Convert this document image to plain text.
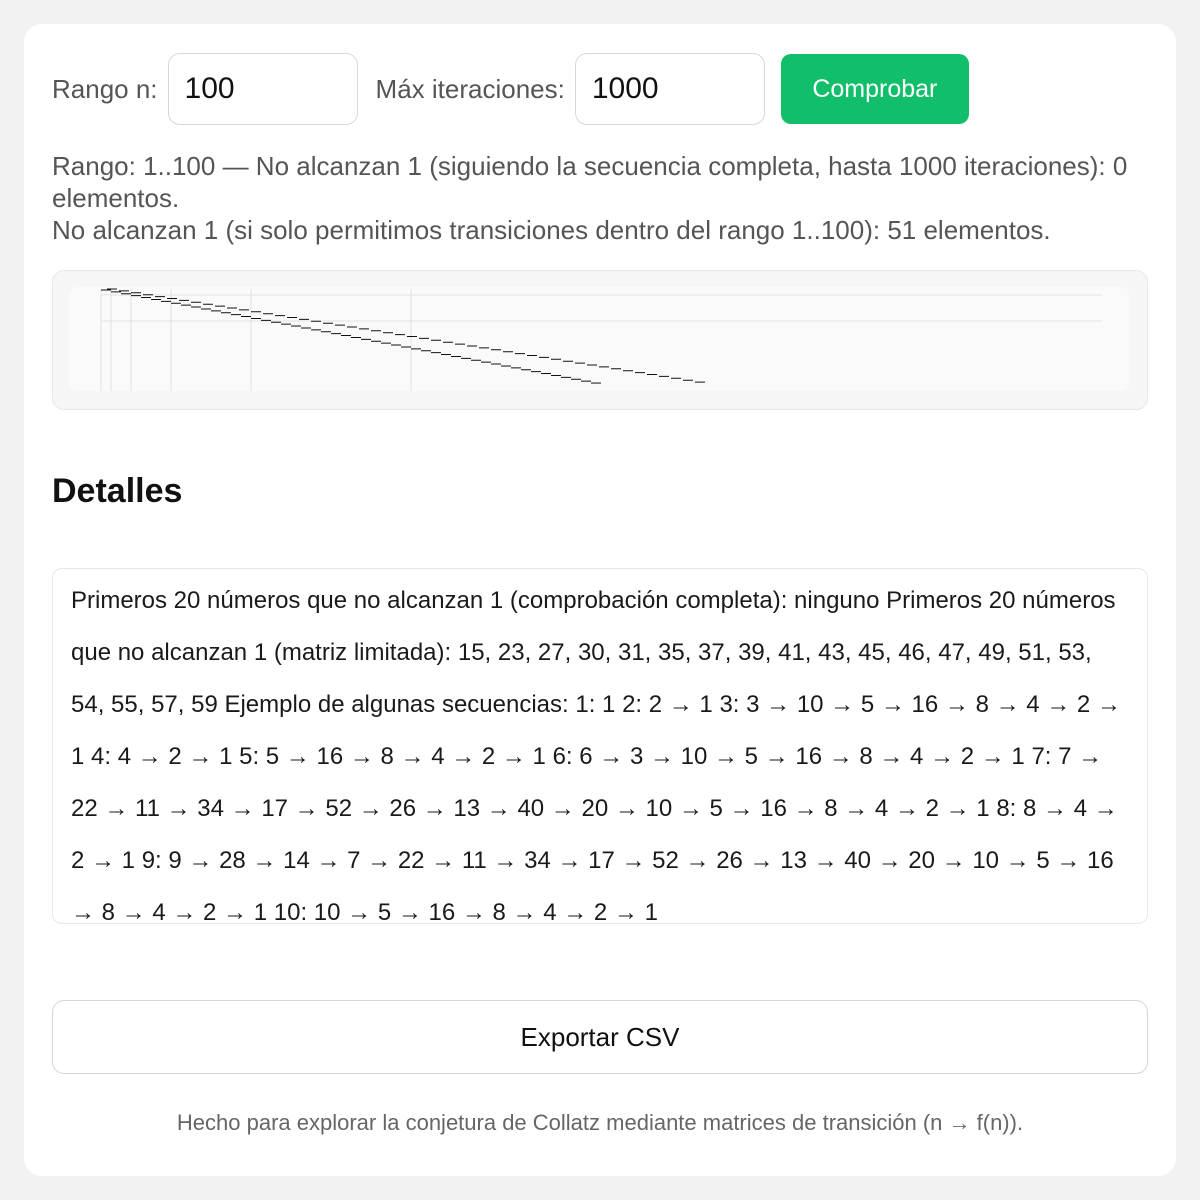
Rango n:
100	Máx iteraciones:
1000	Comprobar
Rango: 1..100 — No alcanzan 1 (siguiendo la secuencia completa, hasta 1000 iteraciones): 0 elementos.
No alcanzan 1 (si solo permitimos transiciones dentro del rango 1..100): 51 elementos.
Detalles
Primeros 20 números que no alcanzan 1 (comprobación completa): ninguno Primeros 20 números que no alcanzan 1 (matriz limitada): 15, 23, 27, 30, 31, 35, 37, 39, 41, 43, 45, 46, 47, 49, 51, 53, 54, 55, 57, 59 Ejemplo de algunas secuencias: 1: 1 2: 2 → 1 3: 3 → 10 → 5 → 16 → 8 → 4 → 2 → 1 4: 4 → 2 → 1 5: 5 → 16 → 8 → 4 → 2 → 1 6: 6 → 3 → 10 → 5 → 16 → 8 → 4 → 2 → 1 7: 7 → 22 → 11 → 34 → 17 → 52 → 26 → 13 → 40 → 20 → 10 → 5 → 16 → 8 → 4 → 2 → 1 8: 8 → 4 → 2 → 1 9: 9 → 28 → 14 → 7 → 22 → 11 → 34 → 17 → 52 → 26 → 13 → 40 → 20 → 10 → 5 → 16 → 8 → 4 → 2 → 1 10: 10 → 5 → 16 → 8 → 4 → 2 → 1
Exportar CSV
Hecho para explorar la conjetura de Collatz mediante matrices de transición (n → f(n)).
